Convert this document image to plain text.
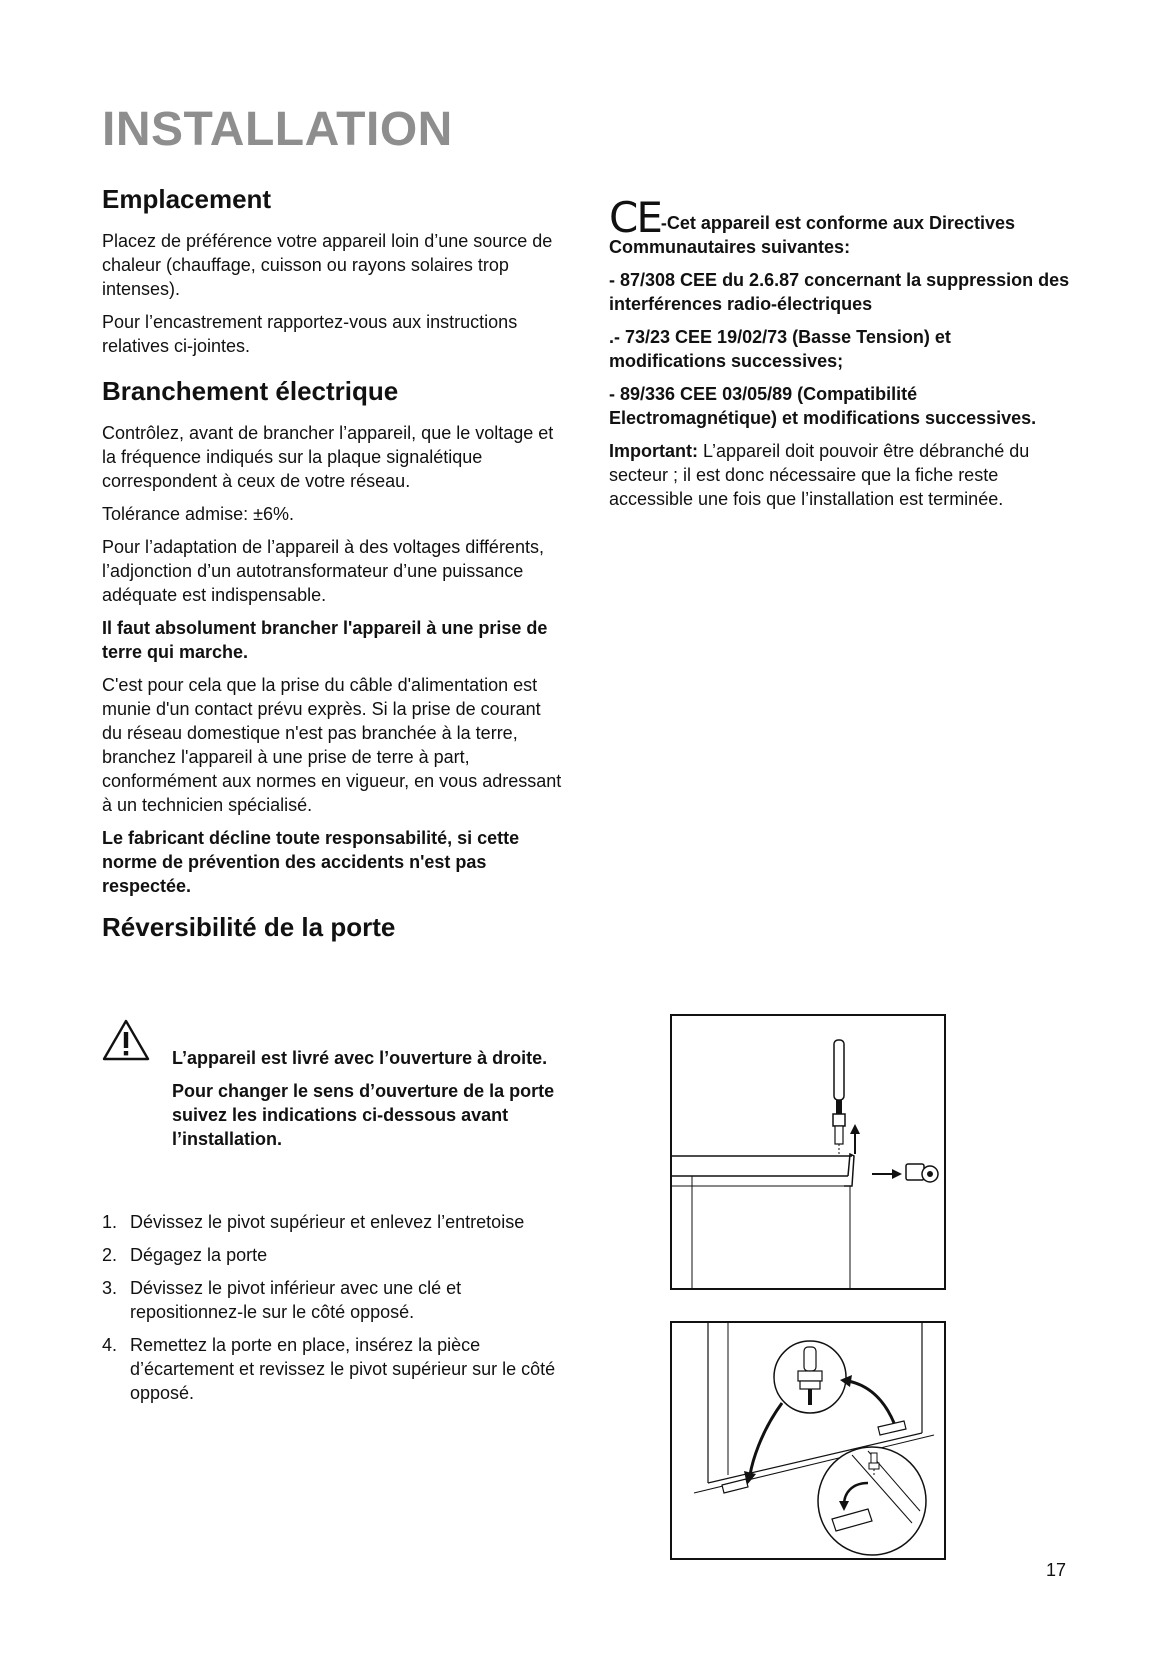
INSTALLATION
Emplacement

Placez de préférence votre appareil loin d’une source de chaleur (chauffage, cuisson ou rayons solaires trop intenses).

Pour l’encastrement rapportez-vous aux instructions relatives ci-jointes.

Branchement électrique

Contrôlez, avant de brancher l’appareil, que le voltage et la fréquence indiqués sur la plaque signalétique correspondent à ceux de votre réseau.

Tolérance admise: ±6%.

Pour l’adaptation de l’appareil à des voltages différents, l’adjonction d’un autotransformateur d’une puissance adéquate est indispensable.

Il faut absolument brancher l'appareil à une prise de terre qui marche.

C'est pour cela que la prise du câble d'alimentation est munie d'un contact prévu exprès. Si la prise de courant du réseau domestique n'est pas branchée à la terre, branchez l'appareil à une prise de terre à part, conformément aux normes en vigueur, en vous adressant à un technicien spécialisé.

Le fabricant décline toute responsabilité, si cette norme de prévention des accidents n'est pas respectée.

Réversibilité de la porte

L’appareil est livré avec l’ouverture à droite.

Pour changer le sens d’ouverture de la porte suivez les indications ci-dessous avant l’installation.

1. Dévissez le pivot supérieur et enlevez l’entretoise
2. Dégagez la porte
3. Dévissez le pivot inférieur avec une clé et repositionnez-le sur le côté opposé.
4. Remettez la porte en place, insérez la pièce d’écartement et revissez le pivot supérieur sur le côté opposé.

CE-Cet appareil est conforme aux Directives Communautaires suivantes:

- 87/308 CEE du 2.6.87 concernant la suppression des interférences radio-électriques

.- 73/23 CEE 19/02/73 (Basse Tension) et modifications successives;

- 89/336 CEE 03/05/89 (Compatibilité Electromagnétique) et modifications successives.

Important: L’appareil doit pouvoir être débranché du secteur ; il est donc nécessaire que la fiche reste accessible une fois que l’installation est terminée.

17
